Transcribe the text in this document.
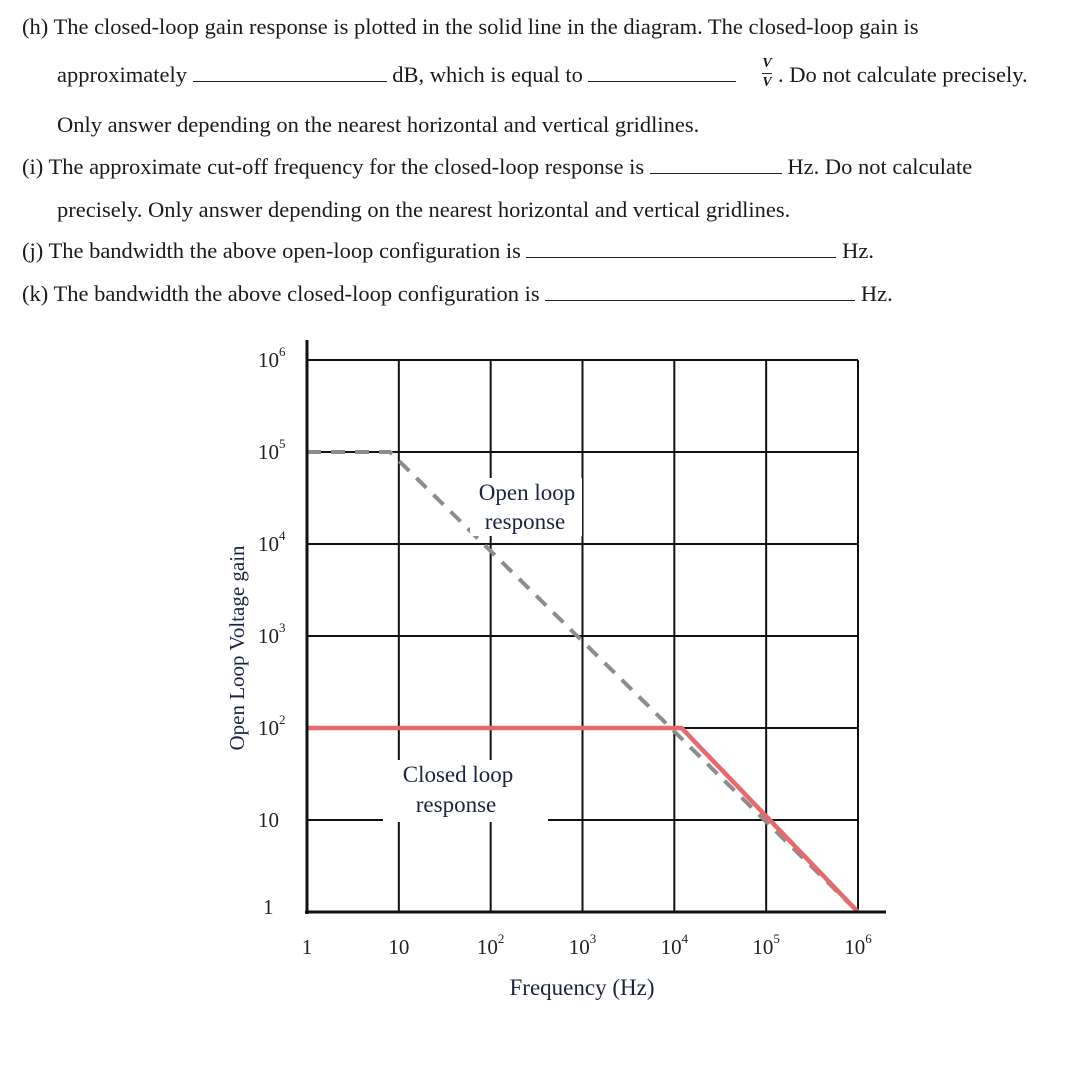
(h) The closed-loop gain response is plotted in the solid line in the diagram. The closed-loop gain is
approximately	dB, which is equal to	V
V . Do not calculate precisely.
Only answer depending on the nearest horizontal and vertical gridlines.
(i) The approximate cut-off frequency for the closed-loop response is	Hz. Do not calculate
precisely. Only answer depending on the nearest horizontal and vertical gridlines.
(j) The bandwidth the above open-loop configuration is	Hz.
(k) The bandwidth the above closed-loop configuration is	Hz.
1
10
$10^2$
$10^3$
$10^4$
$10^5$
$10^6$
1	10	$10^2$	$10^3$	$10^4$	$10^5$	$10^6$
Frequency (Hz)
Open Loop Voltage gain
Open loop
response
Closed loop
response
